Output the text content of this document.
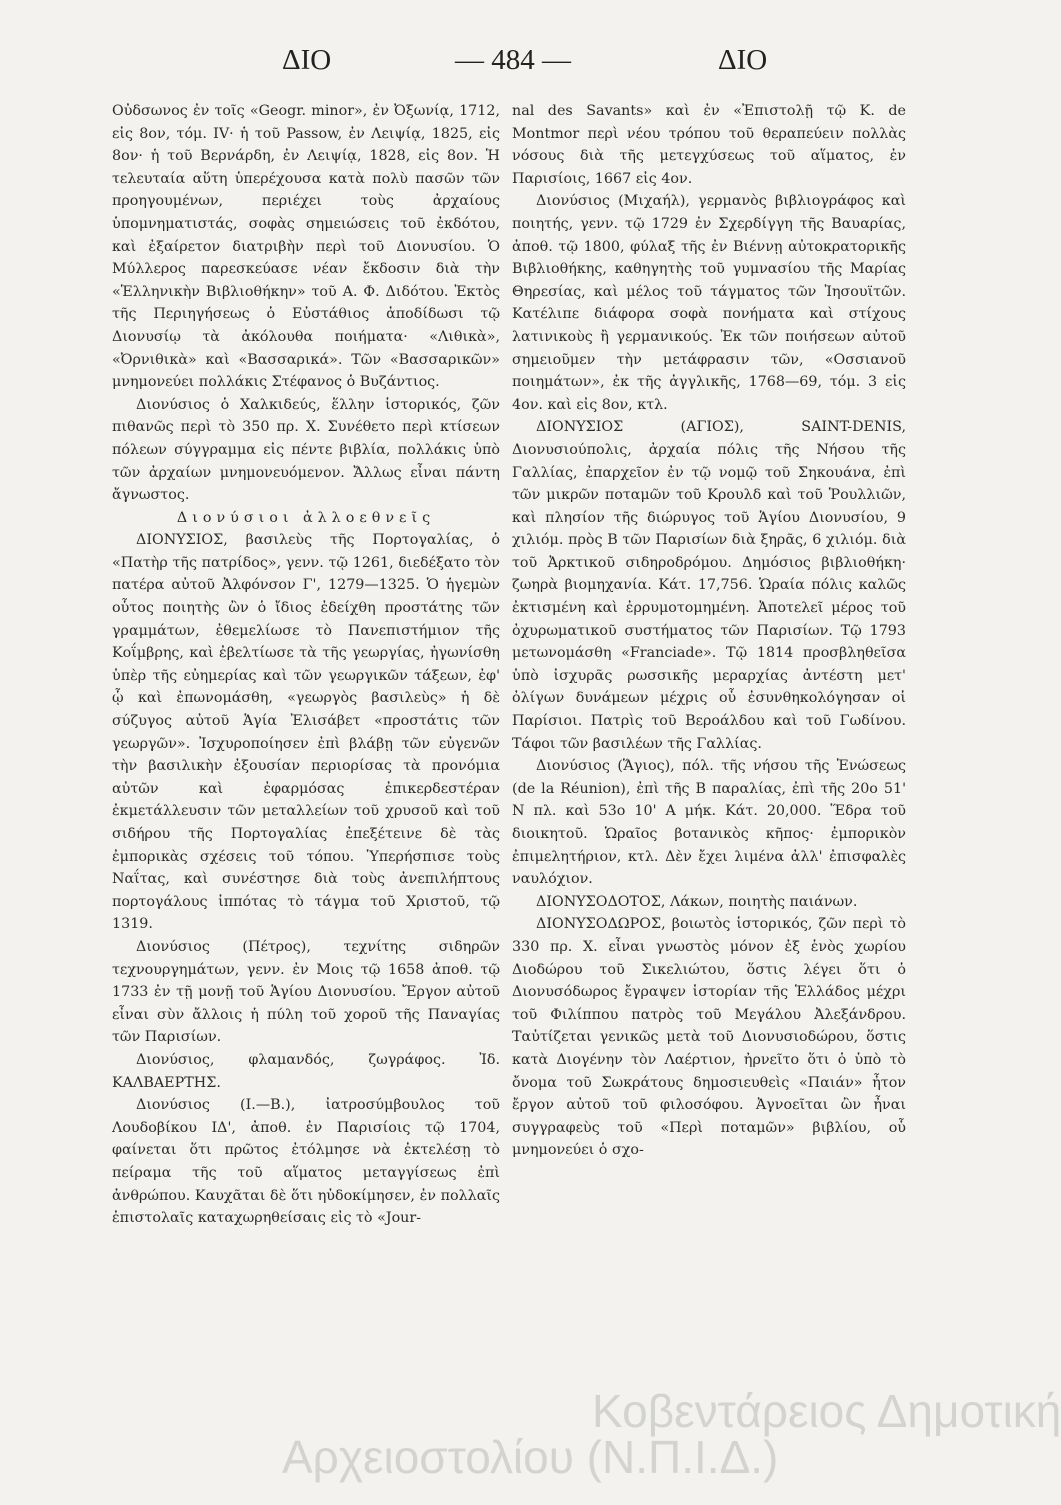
ΔΙΟ	— 484 —	ΔΙΟ

Οὐδσωνος ἐν τοῖς «Geogr. minor», ἐν Ὀξωνίᾳ, 1712, εἰς 8ον, τόμ. IV· ἡ τοῦ Passow, ἐν Λειψίᾳ, 1825, εἰς 8ον· ἡ τοῦ Βερνάρδη, ἐν Λειψίᾳ, 1828, εἰς 8ον. Ἡ τελευταία αὕτη ὑπερέχουσα κατὰ πολὺ πασῶν τῶν προηγουμένων, περιέχει τοὺς ἀρχαίους ὑπομνηματιστάς, σοφὰς σημειώσεις τοῦ ἐκδότου, καὶ ἐξαίρετον διατριβὴν περὶ τοῦ Διονυσίου. Ὁ Μύλλερος παρεσκεύασε νέαν ἔκδοσιν διὰ τὴν «Ἑλληνικὴν Βιβλιοθήκην» τοῦ Α. Φ. Διδότου. Ἐκτὸς τῆς Περιηγήσεως ὁ Εὐστάθιος ἀποδίδωσι τῷ Διονυσίῳ τὰ ἀκόλουθα ποιήματα· «Λιθικὰ», «Ὀρνιθικὰ» καὶ «Βασσαρικά». Τῶν «Βασσαρικῶν» μνημονεύει πολλάκις Στέφανος ὁ Βυζάντιος.

Διονύσιος ὁ Χαλκιδεύς, ἕλλην ἱστορικός, ζῶν πιθανῶς περὶ τὸ 350 πρ. Χ. Συνέθετο περὶ κτίσεων πόλεων σύγγραμμα εἰς πέντε βιβλία, πολλάκις ὑπὸ τῶν ἀρχαίων μνημονευόμενον. Ἄλλως εἶναι πάντη ἄγνωστος.

Διονύσιοι ἀλλοεθνεῖς

ΔΙΟΝΥΣΙΟΣ, βασιλεὺς τῆς Πορτογαλίας, ὁ «Πατὴρ τῆς πατρίδος», γενν. τῷ 1261, διεδέξατο τὸν πατέρα αὐτοῦ Ἀλφόνσον Γ', 1279—1325. Ὁ ἡγεμὼν οὗτος ποιητὴς ὢν ὁ ἴδιος ἐδείχθη προστάτης τῶν γραμμάτων, ἐθεμελίωσε τὸ Πανεπιστήμιον τῆς Κοΐμβρης, καὶ ἐβελτίωσε τὰ τῆς γεωργίας, ἠγωνίσθη ὑπὲρ τῆς εὐημερίας καὶ τῶν γεωργικῶν τάξεων, ἐφ' ᾧ καὶ ἐπωνομάσθη, «γεωργὸς βασιλεὺς» ἡ δὲ σύζυγος αὐτοῦ Ἁγία Ἐλισάβετ «προστάτις τῶν γεωργῶν». Ἰσχυροποίησεν ἐπὶ βλάβῃ τῶν εὐγενῶν τὴν βασιλικὴν ἐξουσίαν περιορίσας τὰ προνόμια αὐτῶν καὶ ἐφαρμόσας ἐπικερδεστέραν ἐκμετάλλευσιν τῶν μεταλλείων τοῦ χρυσοῦ καὶ τοῦ σιδήρου τῆς Πορτογαλίας ἐπεξέτεινε δὲ τὰς ἐμπορικὰς σχέσεις τοῦ τόπου. Ὑπερήσπισε τοὺς Ναΐτας, καὶ συνέστησε διὰ τοὺς ἀνεπιλήπτους πορτογάλους ἱππότας τὸ τάγμα τοῦ Χριστοῦ, τῷ 1319.

Διονύσιος (Πέτρος), τεχνίτης σιδηρῶν τεχνουργημάτων, γενν. ἐν Μοις τῷ 1658 ἀποθ. τῷ 1733 ἐν τῇ μονῇ τοῦ Ἁγίου Διονυσίου. Ἔργον αὐτοῦ εἶναι σὺν ἄλλοις ἡ πύλη τοῦ χοροῦ τῆς Παναγίας τῶν Παρισίων.

Διονύσιος, φλαμανδός, ζωγράφος. Ἰδ. ΚΑΛΒΑΕΡΤΗΣ.

Διονύσιος (Ι.—Β.), ἰατροσύμβουλος τοῦ Λουδοβίκου ΙΔ', ἀποθ. ἐν Παρισίοις τῷ 1704, φαίνεται ὅτι πρῶτος ἐτόλμησε νὰ ἐκτελέσῃ τὸ πείραμα τῆς τοῦ αἵματος μεταγγίσεως ἐπὶ ἀνθρώπου. Καυχᾶται δὲ ὅτι ηὐδοκίμησεν, ἐν πολλαῖς ἐπιστολαῖς καταχωρηθείσαις εἰς τὸ «Jour-

nal des Savants» καὶ ἐν «Ἐπιστολῇ τῷ K. de Montmor περὶ νέου τρόπου τοῦ θεραπεύειν πολλὰς νόσους διὰ τῆς μετεγχύσεως τοῦ αἵματος, ἐν Παρισίοις, 1667 εἰς 4ον.

Διονύσιος (Μιχαήλ), γερμανὸς βιβλιογράφος καὶ ποιητής, γενν. τῷ 1729 ἐν Σχερδίγγη τῆς Βαυαρίας, ἀποθ. τῷ 1800, φύλαξ τῆς ἐν Βιέννῃ αὐτοκρατορικῆς Βιβλιοθήκης, καθηγητὴς τοῦ γυμνασίου τῆς Μαρίας Θηρεσίας, καὶ μέλος τοῦ τάγματος τῶν Ἰησουϊτῶν. Κατέλιπε διάφορα σοφὰ πονήματα καὶ στίχους λατινικοὺς ἢ γερμανικούς. Ἐκ τῶν ποιήσεων αὐτοῦ σημειοῦμεν τὴν μετάφρασιν τῶν, «Οσσιανοῦ ποιημάτων», ἐκ τῆς ἀγγλικῆς, 1768—69, τόμ. 3 εἰς 4ον. καὶ εἰς 8ον, κτλ.

ΔΙΟΝΥΣΙΟΣ (ΑΓΙΟΣ), SAINT-DENIS, Διονυσιούπολις, ἀρχαία πόλις τῆς Νήσου τῆς Γαλλίας, ἐπαρχεῖον ἐν τῷ νομῷ τοῦ Σηκουάνα, ἐπὶ τῶν μικρῶν ποταμῶν τοῦ Κρουλδ καὶ τοῦ Ῥουλλιῶν, καὶ πλησίον τῆς διώρυγος τοῦ Ἁγίου Διονυσίου, 9 χιλιόμ. πρὸς Β τῶν Παρισίων διὰ ξηρᾶς, 6 χιλιόμ. διὰ τοῦ Ἀρκτικοῦ σιδηροδρόμου. Δημόσιος βιβλιοθήκη· ζωηρὰ βιομηχανία. Κάτ. 17,756. Ὡραία πόλις καλῶς ἐκτισμένη καὶ ἐρρυμοτομημένη. Ἀποτελεῖ μέρος τοῦ ὀχυρωματικοῦ συστήματος τῶν Παρισίων. Τῷ 1793 μετωνομάσθη «Franciade». Τῷ 1814 προσβληθεῖσα ὑπὸ ἰσχυρᾶς ρωσσικῆς μεραρχίας ἀντέστη μετ' ὀλίγων δυνάμεων μέχρις οὗ ἐσυνθηκολόγησαν οἱ Παρίσιοι. Πατρὶς τοῦ Βεροάλδου καὶ τοῦ Γωδίνου. Τάφοι τῶν βασιλέων τῆς Γαλλίας.

Διονύσιος (Ἅγιος), πόλ. τῆς νήσου τῆς Ἑνώσεως (de la Réunion), ἐπὶ τῆς Β παραλίας, ἐπὶ τῆς 20ο 51' Ν πλ. καὶ 53ο 10' Α μήκ. Κάτ. 20,000. Ἕδρα τοῦ διοικητοῦ. Ὡραῖος βοτανικὸς κῆπος· ἐμπορικὸν ἐπιμελητήριον, κτλ. Δὲν ἔχει λιμένα ἀλλ' ἐπισφαλὲς ναυλόχιον.

ΔΙΟΝΥΣΟΔΟΤΟΣ, Λάκων, ποιητὴς παιάνων.

ΔΙΟΝΥΣΟΔΩΡΟΣ, βοιωτὸς ἱστορικός, ζῶν περὶ τὸ 330 πρ. Χ. εἶναι γνωστὸς μόνον ἐξ ἑνὸς χωρίου Διοδώρου τοῦ Σικελιώτου, ὅστις λέγει ὅτι ὁ Διονυσόδωρος ἔγραψεν ἱστορίαν τῆς Ἑλλάδος μέχρι τοῦ Φιλίππου πατρὸς τοῦ Μεγάλου Ἀλεξάνδρου. Ταὐτίζεται γενικῶς μετὰ τοῦ Διονυσιοδώρου, ὅστις κατὰ Διογένην τὸν Λαέρτιον, ἠρνεῖτο ὅτι ὁ ὑπὸ τὸ ὄνομα τοῦ Σωκράτους δημοσιευθεὶς «Παιάν» ἦτον ἔργον αὐτοῦ τοῦ φιλοσόφου. Ἀγνοεῖται ὢν ἦναι συγγραφεὺς τοῦ «Περὶ ποταμῶν» βιβλίου, οὗ μνημονεύει ὁ σχο-

Κοβεντάρειος Δημοτική
Αρχειοστολίου (Ν.Π.Ι.Δ.)
